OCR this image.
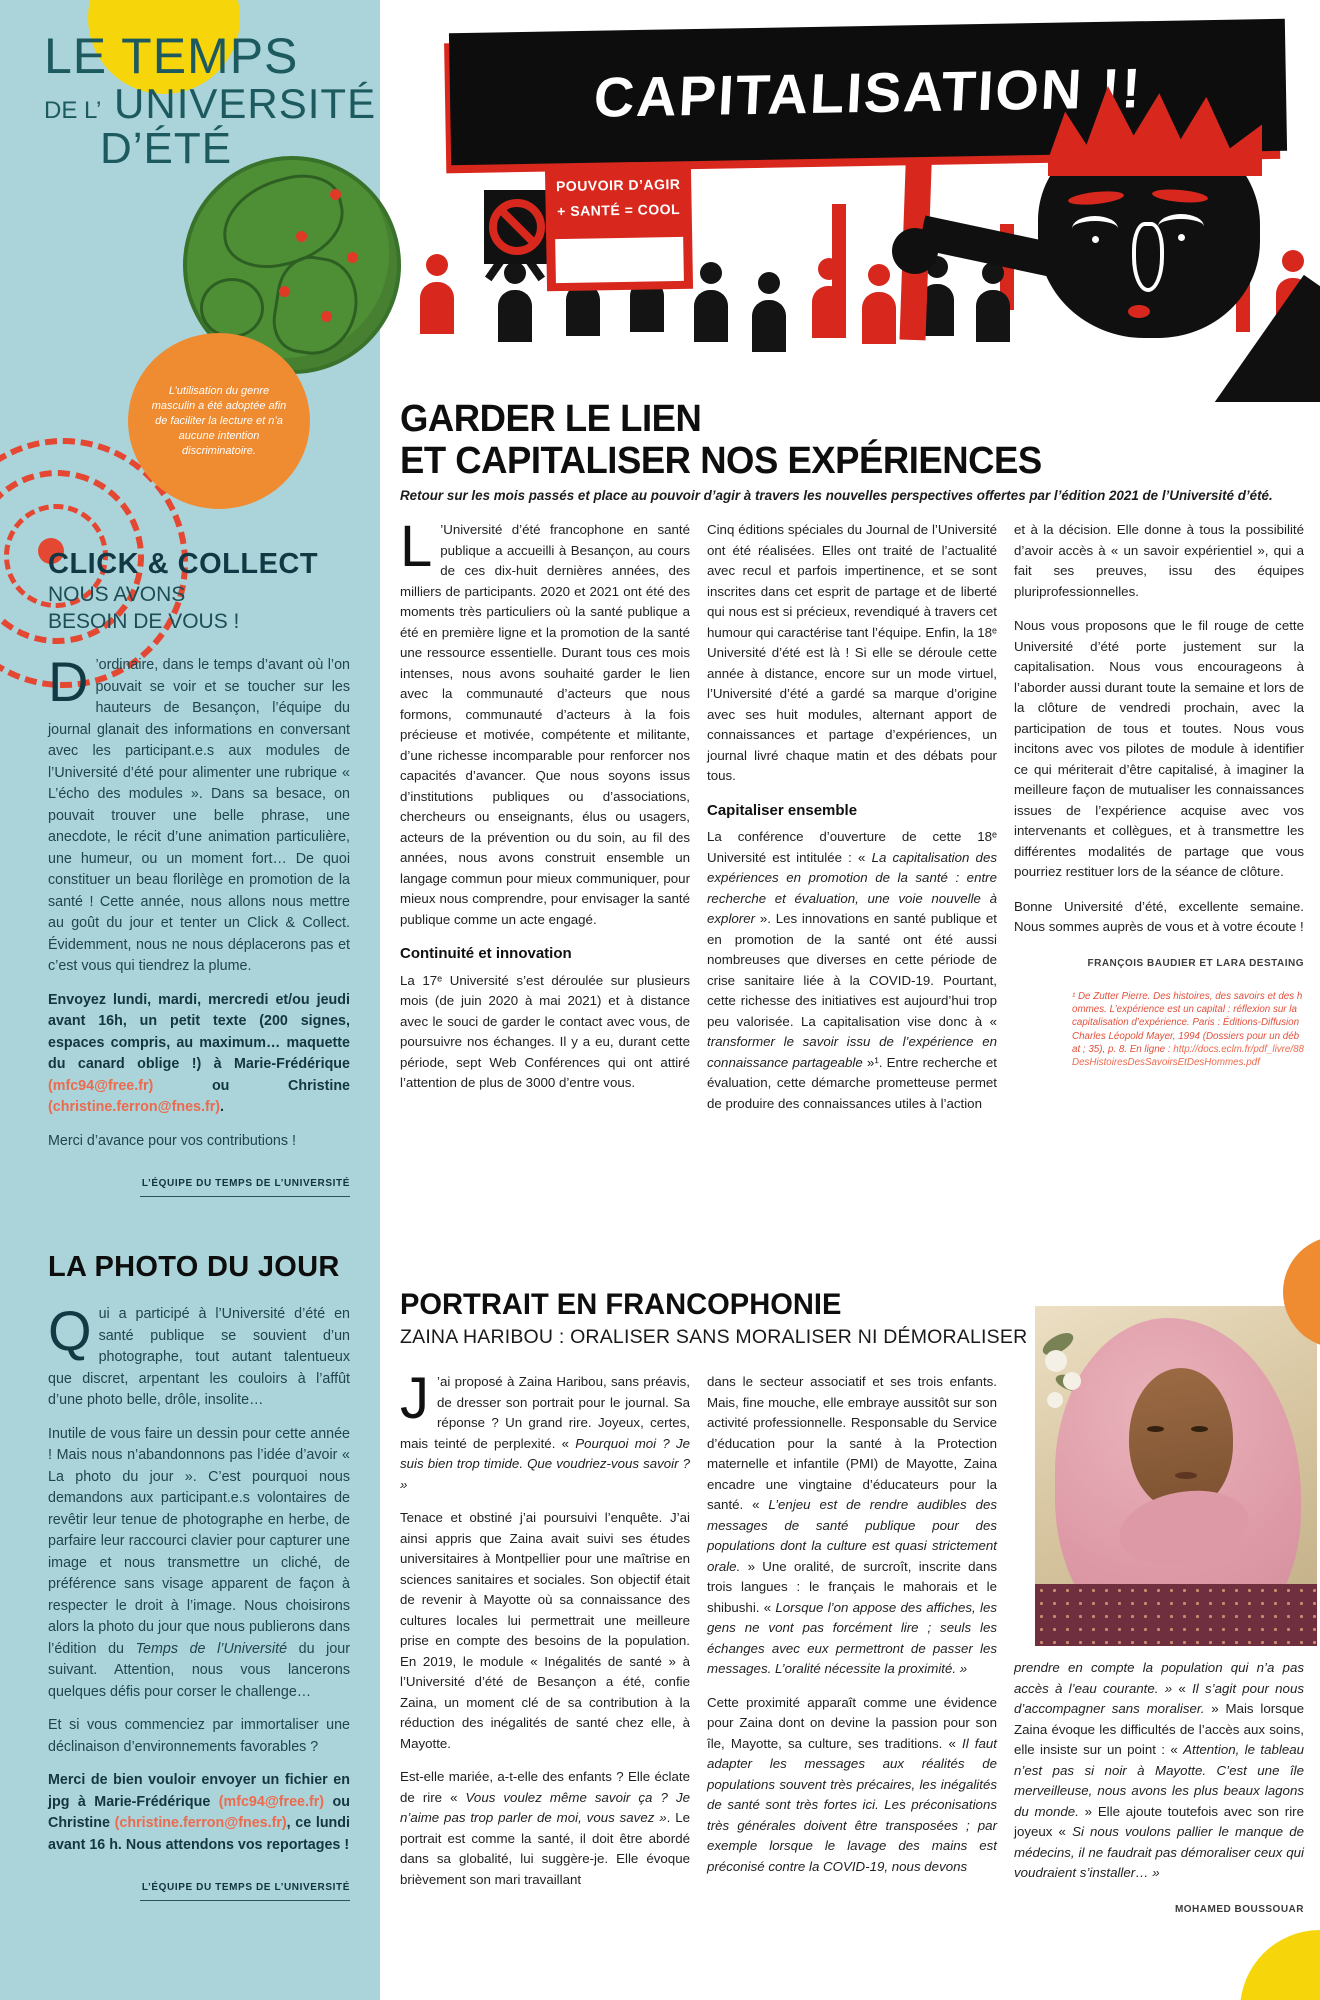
LE TEMPS
DE L’ UNIVERSITÉ
D’ÉTÉ
L’utilisation du genre masculin a été adoptée afin de faciliter la lecture et n’a aucune intention discriminatoire.
CLICK & COLLECT
NOUS AVONS
BESOIN DE VOUS !

D ’ordinaire, dans le temps d’avant où l’on pouvait se voir et se toucher sur les hauteurs de Besançon, l’équipe du journal glanait des informations en conversant avec les participant.e.s aux modules de l’Université d’été pour alimenter une rubrique « L’écho des modules ». Dans sa besace, on pouvait trouver une belle phrase, une anecdote, le récit d’une animation particulière, une humeur, ou un moment fort… De quoi constituer un beau florilège en promotion de la santé ! Cette année, nous allons nous mettre au goût du jour et tenter un Click & Collect. Évidemment, nous ne nous déplacerons pas et c’est vous qui tiendrez la plume.

Envoyez lundi, mardi, mercredi et/ou jeudi avant 16h, un petit texte (200 signes, espaces compris, au maximum… maquette du canard oblige !) à Marie-Frédérique (mfc94@free.fr) ou Christine (christine.ferron@fnes.fr).

Merci d’avance pour vos contributions !

L’ÉQUIPE DU TEMPS DE L’UNIVERSITÉ
LA PHOTO DU JOUR

Qui a participé à l’Université d’été en santé publique se souvient d’un photographe, tout autant talentueux que discret, arpentant les couloirs à l’affût d’une photo belle, drôle, insolite…

Inutile de vous faire un dessin pour cette année ! Mais nous n’abandonnons pas l’idée d’avoir « La photo du jour ». C’est pourquoi nous demandons aux participant.e.s volontaires de revêtir leur tenue de photographe en herbe, de parfaire leur raccourci clavier pour capturer une image et nous transmettre un cliché, de préférence sans visage apparent de façon à respecter le droit à l’image. Nous choisirons alors la photo du jour que nous publierons dans l’édition du Temps de l’Université du jour suivant. Attention, nous vous lancerons quelques défis pour corser le challenge…

Et si vous commenciez par immortaliser une déclinaison d’environnements favorables ?

Merci de bien vouloir envoyer un fichier en jpg à Marie-Frédérique (mfc94@free.fr) ou Christine (christine.ferron@fnes.fr), ce lundi avant 16 h. Nous attendons vos reportages !

L’ÉQUIPE DU TEMPS DE L’UNIVERSITÉ
CAPITALISATION !!
POUVOIR D’AGIR
+ SANTÉ = COOL
GARDER LE LIEN
ET CAPITALISER NOS EXPÉRIENCES
Retour sur les mois passés et place au pouvoir d’agir à travers les nouvelles perspectives offertes par l’édition 2021 de l’Université d’été.

L ’Université d’été francophone en santé publique a accueilli à Besançon, au cours de ces dix-huit dernières années, des milliers de participants. 2020 et 2021 ont été des moments très particuliers où la santé publique a été en première ligne et la promotion de la santé une ressource essentielle. Durant tous ces mois intenses, nous avons souhaité garder le lien avec la communauté d’acteurs que nous formons, communauté d’acteurs à la fois précieuse et motivée, compétente et militante, d’une richesse incomparable pour renforcer nos capacités d’avancer. Que nous soyons issus d’institutions publiques ou d’associations, chercheurs ou enseignants, élus ou usagers, acteurs de la prévention ou du soin, au fil des années, nous avons construit ensemble un langage commun pour mieux communiquer, pour mieux nous comprendre, pour envisager la santé publique comme un acte engagé.

Continuité et innovation

La 17ᵉ Université s’est déroulée sur plusieurs mois (de juin 2020 à mai 2021) et à distance avec le souci de garder le contact avec vous, de poursuivre nos échanges. Il y a eu, durant cette période, sept Web Conférences qui ont attiré l’attention de plus de 3000 d’entre vous.

Cinq éditions spéciales du Journal de l’Université ont été réalisées. Elles ont traité de l’actualité avec recul et parfois impertinence, et se sont inscrites dans cet esprit de partage et de liberté qui nous est si précieux, revendiqué à travers cet humour qui caractérise tant l’équipe. Enfin, la 18ᵉ Université d’été est là ! Si elle se déroule cette année à distance, encore sur un mode virtuel, l’Université d’été a gardé sa marque d’origine avec ses huit modules, alternant apport de connaissances et partage d’expériences, un journal livré chaque matin et des débats pour tous.

Capitaliser ensemble

La conférence d’ouverture de cette 18ᵉ Université est intitulée : « La capitalisation des expériences en promotion de la santé : entre recherche et évaluation, une voie nouvelle à explorer ». Les innovations en santé publique et en promotion de la santé ont été aussi nombreuses que diverses en cette période de crise sanitaire liée à la COVID-19. Pourtant, cette richesse des initiatives est aujourd’hui trop peu valorisée. La capitalisation vise donc à « transformer le savoir issu de l’expérience en connaissance partageable »¹. Entre recherche et évaluation, cette démarche prometteuse permet de produire des connaissances utiles à l’action

et à la décision. Elle donne à tous la possibilité d’avoir accès à « un savoir expérientiel », qui a fait ses preuves, issu des équipes pluriprofessionnelles.

Nous vous proposons que le fil rouge de cette Université d’été porte justement sur la capitalisation. Nous vous encourageons à l’aborder aussi durant toute la semaine et lors de la clôture de vendredi prochain, avec la participation de tous et toutes. Nous vous incitons avec vos pilotes de module à identifier ce qui mériterait d’être capitalisé, à imaginer la meilleure façon de mutualiser les connaissances issues de l’expérience acquise avec vos intervenants et collègues, et à transmettre les différentes modalités de partage que vous pourriez restituer lors de la séance de clôture.

Bonne Université d’été, excellente semaine. Nous sommes auprès de vous et à votre écoute !

FRANÇOIS BAUDIER ET LARA DESTAING
¹ De Zutter Pierre. Des histoires, des savoirs et des hommes. L’expérience est un capital : réflexion sur la capitalisation d’expérience. Paris : Éditions-Diffusion Charles Léopold Mayer, 1994 (Dossiers pour un débat ; 35), p. 8. En ligne : http://docs.eclm.fr/pdf_livre/88DesHistoiresDesSavoirsEtDesHommes.pdf
PORTRAIT EN FRANCOPHONIE
ZAINA HARIBOU : ORALISER SANS MORALISER NI DÉMORALISER

J ’ai proposé à Zaina Haribou, sans préavis, de dresser son portrait pour le journal. Sa réponse ? Un grand rire. Joyeux, certes, mais teinté de perplexité. « Pourquoi moi ? Je suis bien trop timide. Que voudriez-vous savoir ? »

Tenace et obstiné j’ai poursuivi l’enquête. J’ai ainsi appris que Zaina avait suivi ses études universitaires à Montpellier pour une maîtrise en sciences sanitaires et sociales. Son objectif était de revenir à Mayotte où sa connaissance des cultures locales lui permettrait une meilleure prise en compte des besoins de la population. En 2019, le module « Inégalités de santé » à l’Université d’été de Besançon a été, confie Zaina, un moment clé de sa contribution à la réduction des inégalités de santé chez elle, à Mayotte.

Est-elle mariée, a-t-elle des enfants ? Elle éclate de rire « Vous voulez même savoir ça ? Je n’aime pas trop parler de moi, vous savez ». Le portrait est comme la santé, il doit être abordé dans sa globalité, lui suggère-je. Elle évoque brièvement son mari travaillant

dans le secteur associatif et ses trois enfants. Mais, fine mouche, elle embraye aussitôt sur son activité professionnelle. Responsable du Service d’éducation pour la santé à la Protection maternelle et infantile (PMI) de Mayotte, Zaina encadre une vingtaine d’éducateurs pour la santé. « L’enjeu est de rendre audibles des messages de santé publique pour des populations dont la culture est quasi strictement orale. » Une oralité, de surcroît, inscrite dans trois langues : le français le mahorais et le shibushi. « Lorsque l’on appose des affiches, les gens ne vont pas forcément lire ; seuls les échanges avec eux permettront de passer les messages. L’oralité nécessite la proximité. »

Cette proximité apparaît comme une évidence pour Zaina dont on devine la passion pour son île, Mayotte, sa culture, ses traditions. « Il faut adapter les messages aux réalités de populations souvent très précaires, les inégalités de santé sont très fortes ici. Les préconisations très générales doivent être transposées ; par exemple lorsque le lavage des mains est préconisé contre la COVID-19, nous devons

prendre en compte la population qui n’a pas accès à l’eau courante. » « Il s’agit pour nous d’accompagner sans moraliser. » Mais lorsque Zaina évoque les difficultés de l’accès aux soins, elle insiste sur un point : « Attention, le tableau n’est pas si noir à Mayotte. C’est une île merveilleuse, nous avons les plus beaux lagons du monde. » Elle ajoute toutefois avec son rire joyeux « Si nous voulons pallier le manque de médecins, il ne faudrait pas démoraliser ceux qui voudraient s’installer… »

MOHAMED BOUSSOUAR
